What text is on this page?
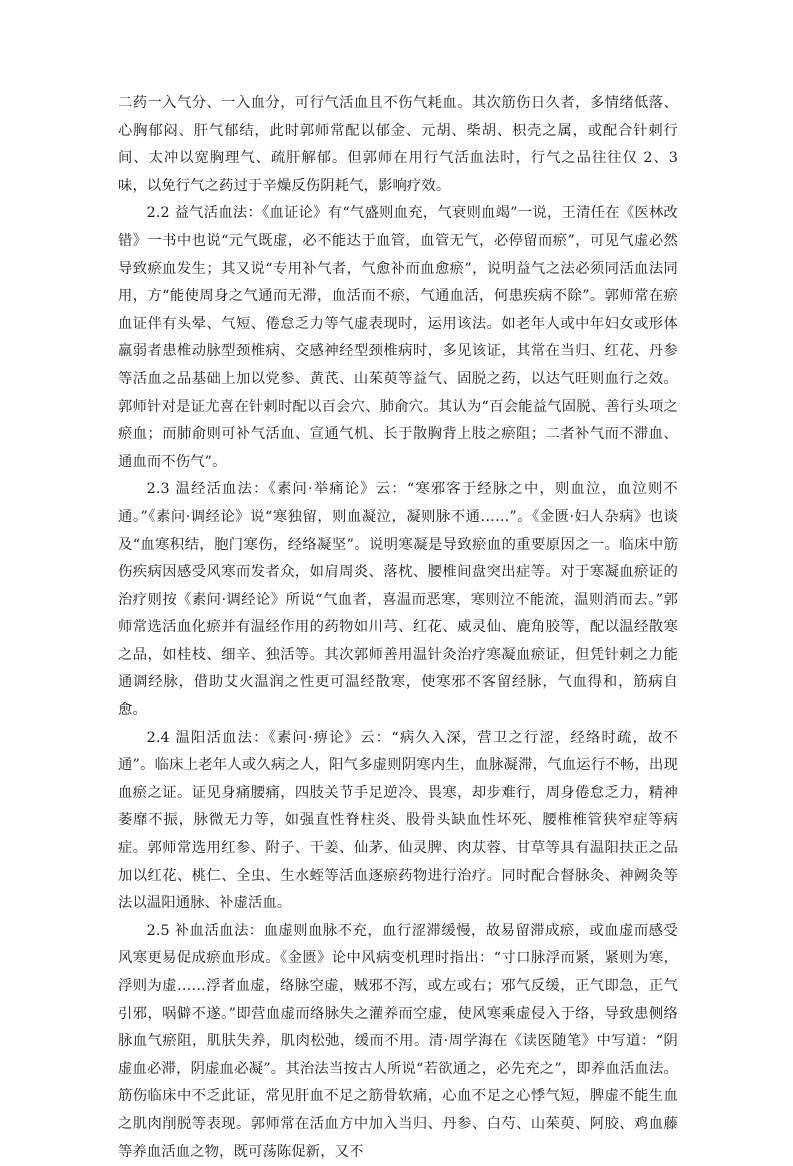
二药一入气分、一入血分，可行气活血且不伤气耗血。其次筋伤日久者，多情绪低落、心胸郁闷、肝气郁结，此时郭师常配以郁金、元胡、柴胡、枳壳之属，或配合针刺行间、太冲以宽胸理气、疏肝解郁。但郭师在用行气活血法时，行气之品往往仅 2、3 味，以免行气之药过于辛燥反伤阴耗气，影响疗效。

2.2 益气活血法：《血证论》有“气盛则血充，气衰则血竭”一说，王清任在《医林改错》一书中也说“元气既虚，必不能达于血管，血管无气，必停留而瘀”，可见气虚必然导致瘀血发生；其又说“专用补气者，气愈补而血愈瘀”，说明益气之法必须同活血法同用，方“能使周身之气通而无滞，血活而不瘀，气通血活，何患疾病不除”。郭师常在瘀血证伴有头晕、气短、倦怠乏力等气虚表现时，运用该法。如老年人或中年妇女或形体羸弱者患椎动脉型颈椎病、交感神经型颈椎病时，多见该证，其常在当归、红花、丹参等活血之品基础上加以党参、黄芪、山茱萸等益气、固脱之药，以达气旺则血行之效。郭师针对是证尤喜在针刺时配以百会穴、肺俞穴。其认为“百会能益气固脱、善行头项之瘀血；而肺俞则可补气活血、宣通气机、长于散胸背上肢之瘀阻；二者补气而不滞血、通血而不伤气”。

2.3 温经活血法：《素问·举痛论》云：“寒邪客于经脉之中，则血泣，血泣则不通。”《素问·调经论》说“寒独留，则血凝泣，凝则脉不通……”。《金匮·妇人杂病》也谈及“血寒积结，胞门寒伤，经络凝坚”。说明寒凝是导致瘀血的重要原因之一。临床中筋伤疾病因感受风寒而发者众，如肩周炎、落枕、腰椎间盘突出症等。对于寒凝血瘀证的治疗则按《素问·调经论》所说“气血者，喜温而恶寒，寒则泣不能流，温则消而去。”郭师常选活血化瘀并有温经作用的药物如川芎、红花、威灵仙、鹿角胶等，配以温经散寒之品，如桂枝、细辛、独活等。其次郭师善用温针灸治疗寒凝血瘀证，但凭针刺之力能通调经脉，借助艾火温润之性更可温经散寒，使寒邪不客留经脉，气血得和，筋病自愈。

2.4 温阳活血法：《素问·痹论》云：“病久入深，营卫之行涩，经络时疏，故不通”。临床上老年人或久病之人，阳气多虚则阴寒内生，血脉凝滞，气血运行不畅，出现血瘀之证。证见身痛腰痛，四肢关节手足逆冷、畏寒，却步难行，周身倦怠乏力，精神萎靡不振，脉微无力等，如强直性脊柱炎、股骨头缺血性坏死、腰椎椎管狭窄症等病症。郭师常选用红参、附子、干姜、仙茅、仙灵脾、肉苁蓉、甘草等具有温阳扶正之品加以红花、桃仁、全虫、生水蛭等活血逐瘀药物进行治疗。同时配合督脉灸、神阙灸等法以温阳通脉、补虚活血。

2.5 补血活血法：血虚则血脉不充，血行涩滞缓慢，故易留滞成瘀，或血虚而感受风寒更易促成瘀血形成。《金匮》论中风病变机理时指出：“寸口脉浮而紧，紧则为寒，浮则为虚……浮者血虚，络脉空虚，贼邪不泻，或左或右；邪气反缓，正气即急，正气引邪，㖞僻不遂。”即营血虚而络脉失之灌养而空虚，使风寒乘虚侵入于络，导致患侧络脉血气瘀阻，肌肤失养，肌肉松弛，缓而不用。清·周学海在《读医随笔》中写道：“阴虚血必滞，阴虚血必凝”。其治法当按古人所说“若欲通之，必先充之”，即养血活血法。筋伤临床中不乏此证，常见肝血不足之筋骨软痛，心血不足之心悸气短，脾虚不能生血之肌肉削脱等表现。郭师常在活血方中加入当归、丹参、白芍、山茱萸、阿胶、鸡血藤等养血活血之物，既可荡陈促新，又不
